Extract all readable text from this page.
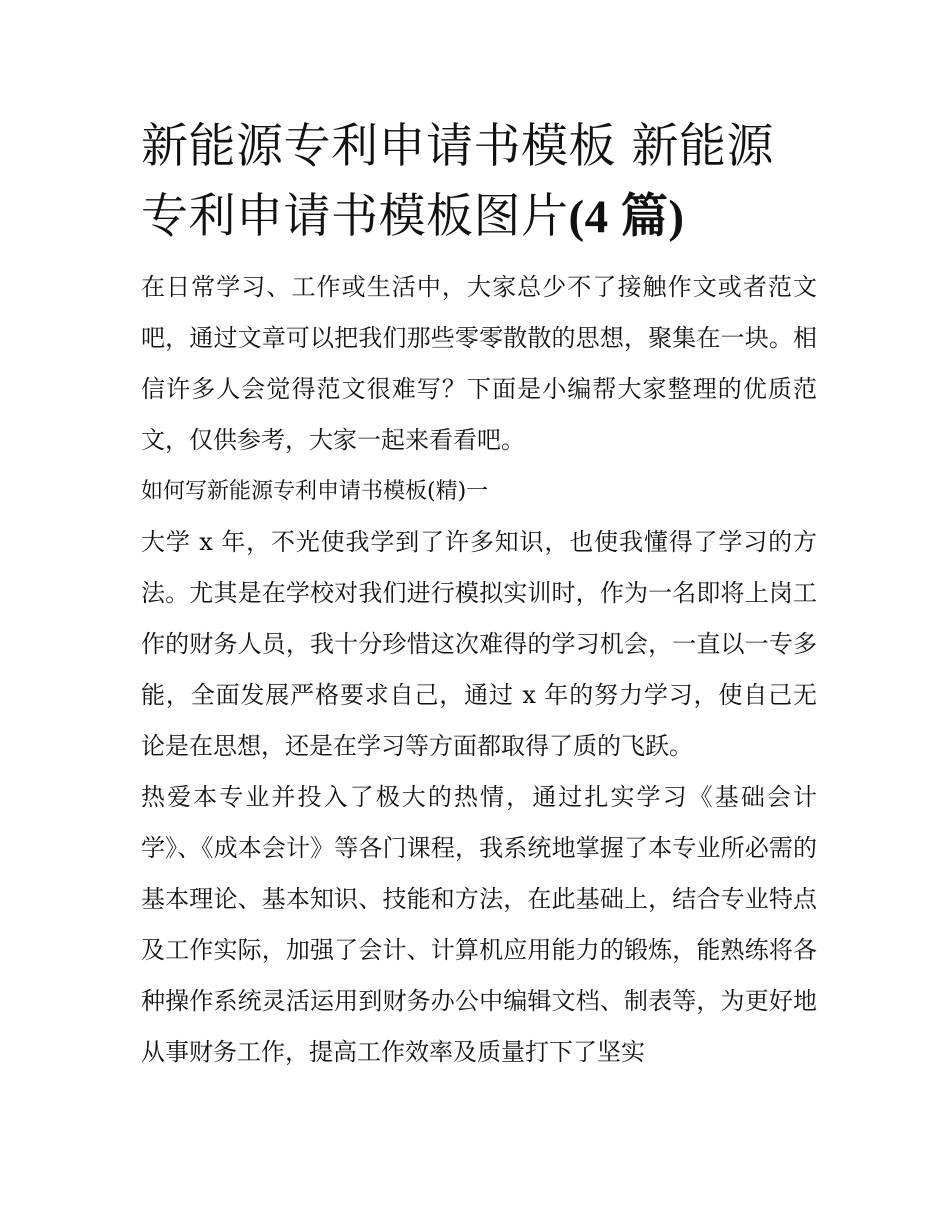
新能源专利申请书模板 新能源专利申请书模板图片(4 篇)

在日常学习、工作或生活中，大家总少不了接触作文或者范文吧，通过文章可以把我们那些零零散散的思想，聚集在一块。相信许多人会觉得范文很难写？下面是小编帮大家整理的优质范文，仅供参考，大家一起来看看吧。

如何写新能源专利申请书模板(精)一

大学 x 年，不光使我学到了许多知识，也使我懂得了学习的方法。尤其是在学校对我们进行模拟实训时，作为一名即将上岗工作的财务人员，我十分珍惜这次难得的学习机会，一直以一专多能，全面发展严格要求自己，通过 x 年的努力学习，使自己无论是在思想，还是在学习等方面都取得了质的飞跃。

热爱本专业并投入了极大的热情，通过扎实学习《基础会计学》、《成本会计》等各门课程，我系统地掌握了本专业所必需的基本理论、基本知识、技能和方法，在此基础上，结合专业特点及工作实际，加强了会计、计算机应用能力的锻炼，能熟练将各种操作系统灵活运用到财务办公中编辑文档、制表等，为更好地从事财务工作，提高工作效率及质量打下了坚实
